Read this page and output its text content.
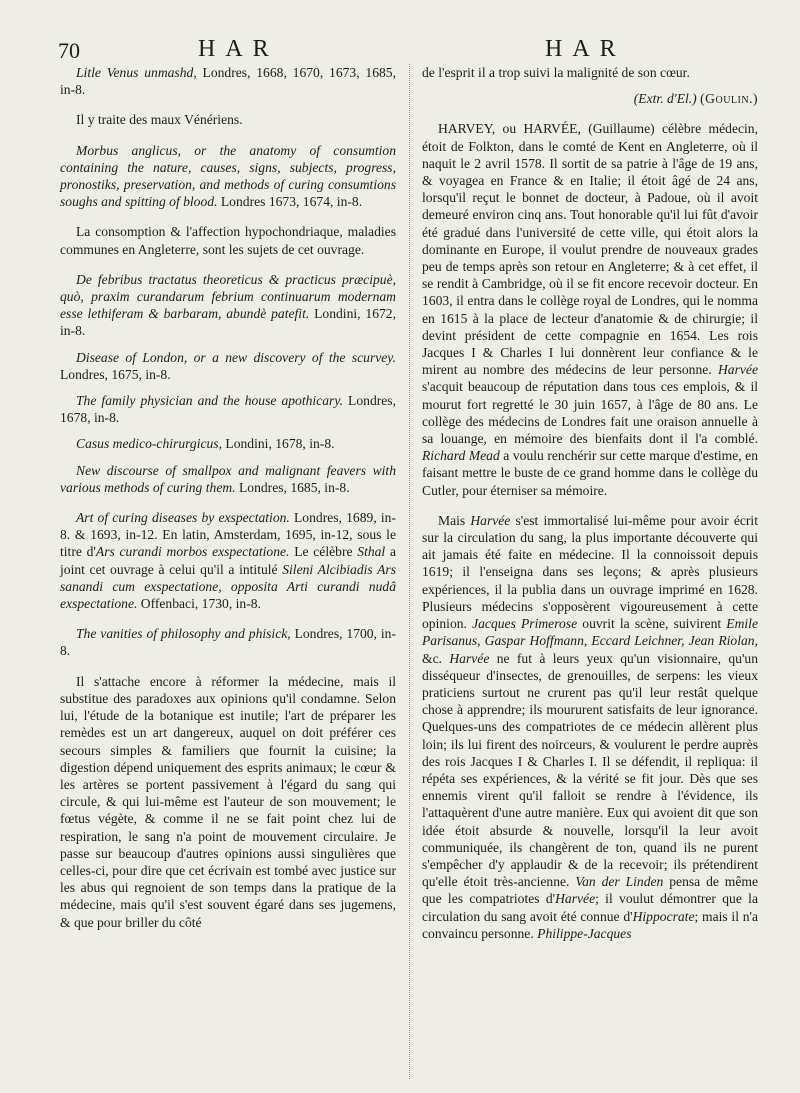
70	HAR	HAR

Litle Venus unmashd, Londres, 1668, 1670, 1673, 1685, in-8.

Il y traite des maux Vénériens.

Morbus anglicus, or the anatomy of consumtion containing the nature, causes, signs, subjects, progress, pronostiks, preservation, and methods of curing consumtions soughs and spitting of blood. Londres 1673, 1674, in-8.

La consomption & l'affection hypochondriaque, maladies communes en Angleterre, sont les sujets de cet ouvrage.

De febribus tractatus theoreticus & practicus præcipuè, quò, praxim curandarum febrium continuarum modernam esse lethiferam & barbaram, abundè patefit. Londini, 1672, in-8.

Disease of London, or a new discovery of the scurvey. Londres, 1675, in-8.

The family physician and the house apothicary. Londres, 1678, in-8.

Casus medico-chirurgicus, Londini, 1678, in-8.

New discourse of smallpox and malignant feavers with various methods of curing them. Londres, 1685, in-8.

Art of curing diseases by exspectation. Londres, 1689, in-8. & 1693, in-12. En latin, Amsterdam, 1695, in-12, sous le titre d'Ars curandi morbos exspectatione. Le célèbre Sthal a joint cet ouvrage à celui qu'il a intitulé Sileni Alcibiadis Ars sanandi cum exspectatione, opposita Arti curandi nudâ exspectatione. Offenbaci, 1730, in-8.

The vanities of philosophy and phisick, Londres, 1700, in-8.

Il s'attache encore à réformer la médecine, mais il substitue des paradoxes aux opinions qu'il condamne. Selon lui, l'étude de la botanique est inutile; l'art de préparer les remèdes est un art dangereux, auquel on doit préférer ces secours simples & familiers que fournit la cuisine; la digestion dépend uniquement des esprits animaux; le cœur & les artères se portent passivement à l'égard du sang qui circule, & qui lui-même est l'auteur de son mouvement; le fœtus végète, & comme il ne se fait point chez lui de respiration, le sang n'a point de mouvement circulaire. Je passe sur beaucoup d'autres opinions aussi singulières que celles-ci, pour dire que cet écrivain est tombé avec justice sur les abus qui regnoient de son temps dans la pratique de la médecine, mais qu'il s'est souvent égaré dans ses jugemens, & que pour briller du côté

de l'esprit il a trop suivi la malignité de son cœur.

(Extr. d'El.) (Goulin.)

HARVEY, ou HARVÉE, (Guillaume) célèbre médecin, étoit de Folkton, dans le comté de Kent en Angleterre, où il naquit le 2 avril 1578. Il sortit de sa patrie à l'âge de 19 ans, & voyagea en France & en Italie; il étoit âgé de 24 ans, lorsqu'il reçut le bonnet de docteur, à Padoue, où il avoit demeuré environ cinq ans. Tout honorable qu'il lui fût d'avoir été gradué dans l'université de cette ville, qui étoit alors la dominante en Europe, il voulut prendre de nouveaux grades peu de temps après son retour en Angleterre; & à cet effet, il se rendit à Cambridge, où il se fit encore recevoir docteur. En 1603, il entra dans le collège royal de Londres, qui le nomma en 1615 à la place de lecteur d'anatomie & de chirurgie; il devint président de cette compagnie en 1654. Les rois Jacques I & Charles I lui donnèrent leur confiance & le mirent au nombre des médecins de leur personne. Harvée s'acquit beaucoup de réputation dans tous ces emplois, & il mourut fort regretté le 30 juin 1657, à l'âge de 80 ans. Le collège des médecins de Londres fait une oraison annuelle à sa louange, en mémoire des bienfaits dont il l'a comblé. Richard Mead a voulu renchérir sur cette marque d'estime, en faisant mettre le buste de ce grand homme dans le collège du Cutler, pour éterniser sa mémoire.

Mais Harvée s'est immortalisé lui-même pour avoir écrit sur la circulation du sang, la plus importante découverte qui ait jamais été faite en médecine. Il la connoissoit depuis 1619; il l'enseigna dans ses leçons; & après plusieurs expériences, il la publia dans un ouvrage imprimé en 1628. Plusieurs médecins s'opposèrent vigoureusement à cette opinion. Jacques Primerose ouvrit la scène, suivirent Emile Parisanus, Gaspar Hoffmann, Eccard Leichner, Jean Riolan, &c. Harvée ne fut à leurs yeux qu'un visionnaire, qu'un disséqueur d'insectes, de grenouilles, de serpens: les vieux praticiens surtout ne crurent pas qu'il leur restât quelque chose à apprendre; ils moururent satisfaits de leur ignorance. Quelques-uns des compatriotes de ce médecin allèrent plus loin; ils lui firent des noirceurs, & voulurent le perdre auprès des rois Jacques I & Charles I. Il se défendit, il repliqua: il répéta ses expériences, & la vérité se fit jour. Dès que ses ennemis virent qu'il falloit se rendre à l'évidence, ils l'attaquèrent d'une autre manière. Eux qui avoient dit que son idée étoit absurde & nouvelle, lorsqu'il la leur avoit communiquée, ils changèrent de ton, quand ils ne purent s'empêcher d'y applaudir & de la recevoir; ils prétendirent qu'elle étoit très-ancienne. Van der Linden pensa de même que les compatriotes d'Harvée; il voulut démontrer que la circulation du sang avoit été connue d'Hippocrate; mais il n'a convaincu personne. Philippe-Jacques
